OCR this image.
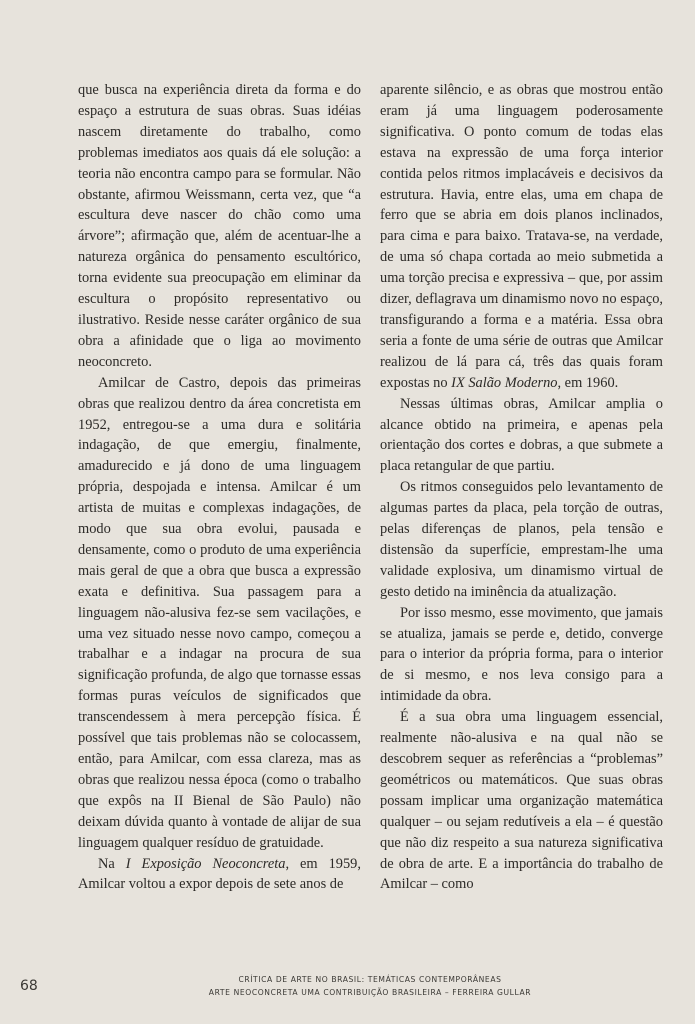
que busca na experiência direta da forma e do espaço a estrutura de suas obras. Suas idéias nascem diretamente do trabalho, como problemas imediatos aos quais dá ele solução: a teoria não encontra campo para se formular. Não obstante, afirmou Weissmann, certa vez, que “a escultura deve nascer do chão como uma árvore”; afirmação que, além de acentuar-lhe a natureza orgânica do pensamento escultórico, torna evidente sua preocupação em eliminar da escultura o propósito representativo ou ilustrativo. Reside nesse caráter orgânico de sua obra a afinidade que o liga ao movimento neoconcreto.

Amilcar de Castro, depois das primeiras obras que realizou dentro da área concretista em 1952, entregou-se a uma dura e solitária indagação, de que emergiu, finalmente, amadurecido e já dono de uma linguagem própria, despojada e intensa. Amilcar é um artista de muitas e complexas indagações, de modo que sua obra evolui, pausada e densamente, como o produto de uma experiência mais geral de que a obra que busca a expressão exata e definitiva. Sua passagem para a linguagem não-alusiva fez-se sem vacilações, e uma vez situado nesse novo campo, começou a trabalhar e a indagar na procura de sua significação profunda, de algo que tornasse essas formas puras veículos de significados que transcendessem à mera percepção física. É possível que tais problemas não se colocassem, então, para Amilcar, com essa clareza, mas as obras que realizou nessa época (como o trabalho que expôs na II Bienal de São Paulo) não deixam dúvida quanto à vontade de alijar de sua linguagem qualquer resíduo de gratuidade.

Na I Exposição Neoconcreta, em 1959, Amilcar voltou a expor depois de sete anos de

aparente silêncio, e as obras que mostrou então eram já uma linguagem poderosamente significativa. O ponto comum de todas elas estava na expressão de uma força interior contida pelos ritmos implacáveis e decisivos da estrutura. Havia, entre elas, uma em chapa de ferro que se abria em dois planos inclinados, para cima e para baixo. Tratava-se, na verdade, de uma só chapa cortada ao meio submetida a uma torção precisa e expressiva – que, por assim dizer, deflagrava um dinamismo novo no espaço, transfigurando a forma e a matéria. Essa obra seria a fonte de uma série de outras que Amilcar realizou de lá para cá, três das quais foram expostas no IX Salão Moderno, em 1960.

Nessas últimas obras, Amilcar amplia o alcance obtido na primeira, e apenas pela orientação dos cortes e dobras, a que submete a placa retangular de que partiu.

Os ritmos conseguidos pelo levantamento de algumas partes da placa, pela torção de outras, pelas diferenças de planos, pela tensão e distensão da superfície, emprestam-lhe uma validade explosiva, um dinamismo virtual de gesto detido na iminência da atualização.

Por isso mesmo, esse movimento, que jamais se atualiza, jamais se perde e, detido, converge para o interior da própria forma, para o interior de si mesmo, e nos leva consigo para a intimidade da obra.

É a sua obra uma linguagem essencial, realmente não-alusiva e na qual não se descobrem sequer as referências a “problemas” geométricos ou matemáticos. Que suas obras possam implicar uma organização matemática qualquer – ou sejam redutíveis a ela – é questão que não diz respeito a sua natureza significativa de obra de arte. E a importância do trabalho de Amilcar – como

68	CRÍTICA DE ARTE NO BRASIL: TEMÁTICAS CONTEMPORÂNEAS
ARTE NEOCONCRETA UMA CONTRIBUIÇÃO BRASILEIRA – FERREIRA GULLAR
